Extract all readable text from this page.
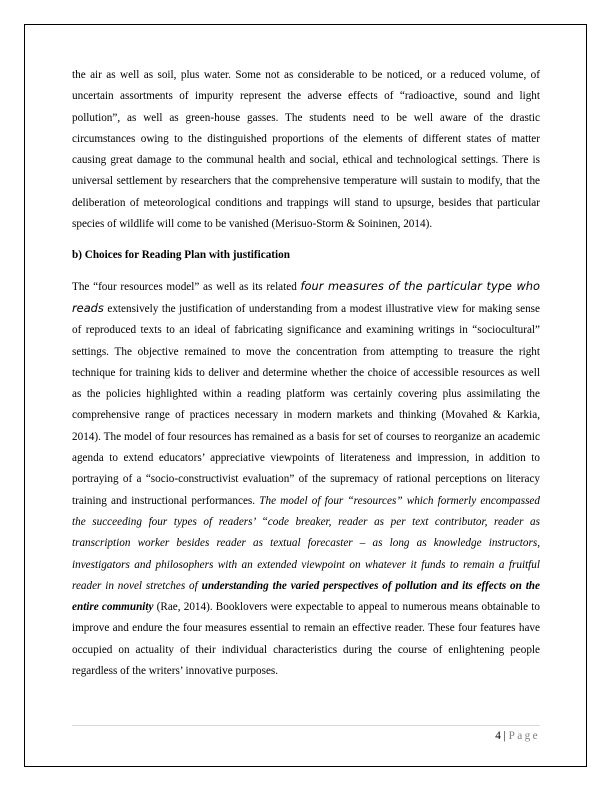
the air as well as soil, plus water. Some not as considerable to be noticed, or a reduced volume, of uncertain assortments of impurity represent the adverse effects of “radioactive, sound and light pollution”, as well as green-house gasses. The students need to be well aware of the drastic circumstances owing to the distinguished proportions of the elements of different states of matter causing great damage to the communal health and social, ethical and technological settings. There is universal settlement by researchers that the comprehensive temperature will sustain to modify, that the deliberation of meteorological conditions and trappings will stand to upsurge, besides that particular species of wildlife will come to be vanished (Merisuo-Storm & Soininen, 2014).

b) Choices for Reading Plan with justification

The “four resources model” as well as its related four measures of the particular type who reads extensively the justification of understanding from a modest illustrative view for making sense of reproduced texts to an ideal of fabricating significance and examining writings in “sociocultural” settings. The objective remained to move the concentration from attempting to treasure the right technique for training kids to deliver and determine whether the choice of accessible resources as well as the policies highlighted within a reading platform was certainly covering plus assimilating the comprehensive range of practices necessary in modern markets and thinking (Movahed & Karkia, 2014). The model of four resources has remained as a basis for set of courses to reorganize an academic agenda to extend educators’ appreciative viewpoints of literateness and impression, in addition to portraying of a “socio-constructivist evaluation” of the supremacy of rational perceptions on literacy training and instructional performances. The model of four “resources” which formerly encompassed the succeeding four types of readers’ “code breaker, reader as per text contributor, reader as transcription worker besides reader as textual forecaster – as long as knowledge instructors, investigators and philosophers with an extended viewpoint on whatever it funds to remain a fruitful reader in novel stretches of understanding the varied perspectives of pollution and its effects on the entire community (Rae, 2014). Booklovers were expectable to appeal to numerous means obtainable to improve and endure the four measures essential to remain an effective reader. These four features have occupied on actuality of their individual characteristics during the course of enlightening people regardless of the writers’ innovative purposes.

4 | Page
